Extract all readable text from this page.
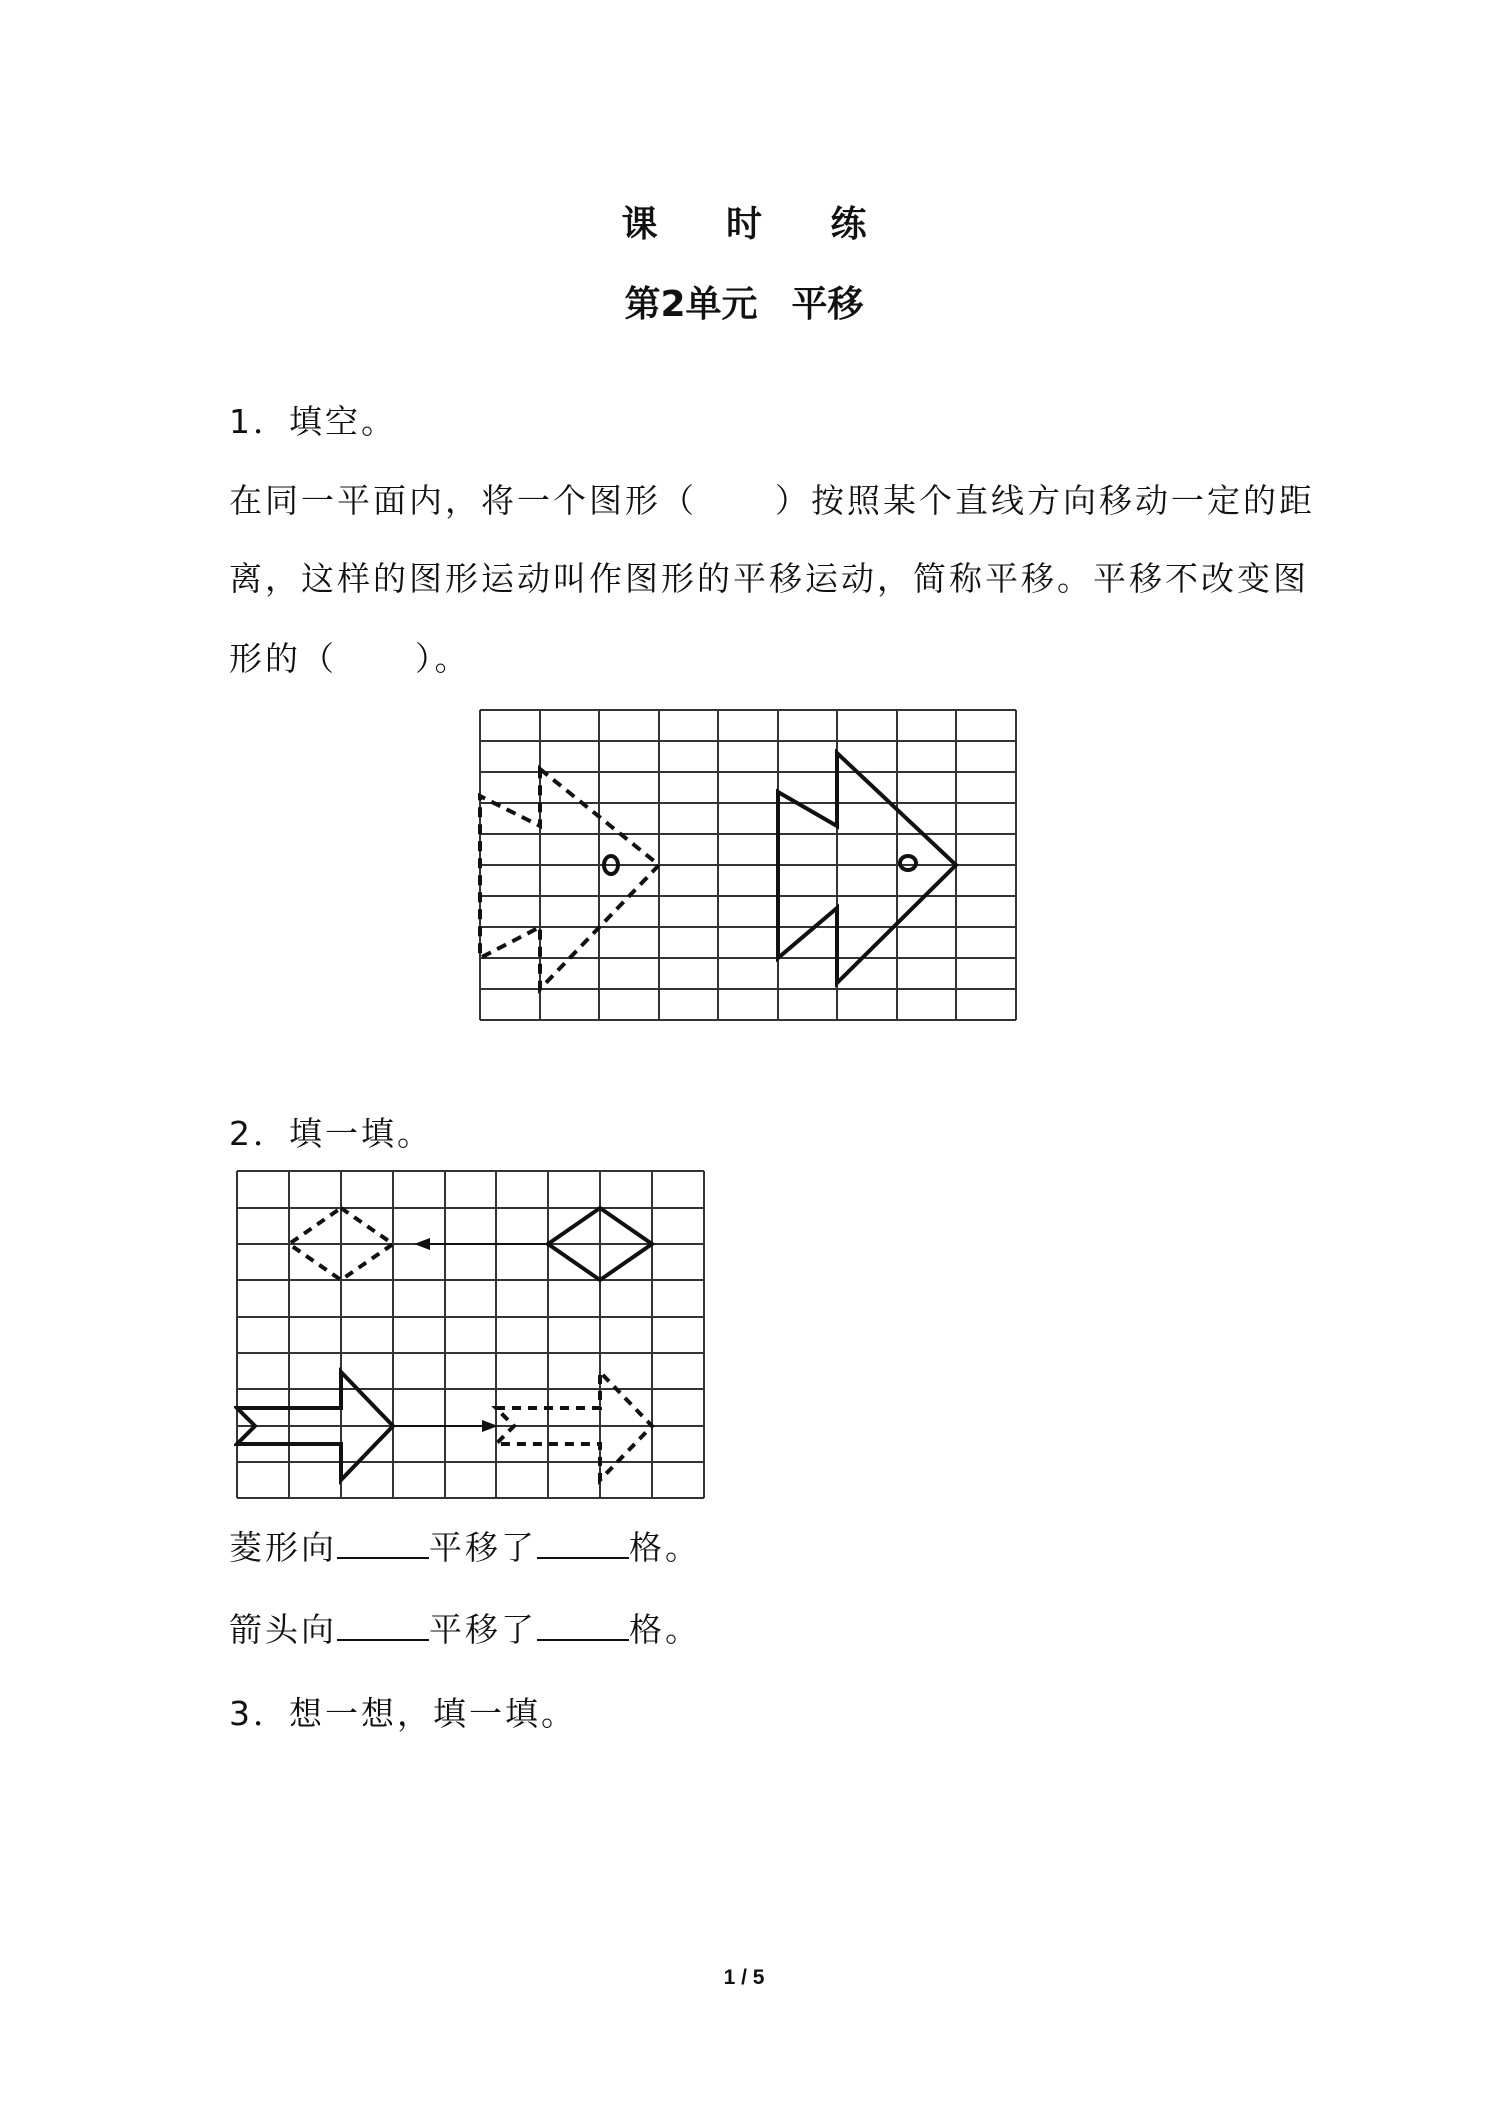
课 时 练
第2单元 平移
1．填空。
在同一平面内，将一个图形（ ）按照某个直线方向移动一定的距
离，这样的图形运动叫作图形的平移运动，简称平移。平移不改变图
形的（ ）。
2．填一填。
菱形向	平移了	格。
箭头向	平移了	格。
3．想一想，填一填。
1 / 5
